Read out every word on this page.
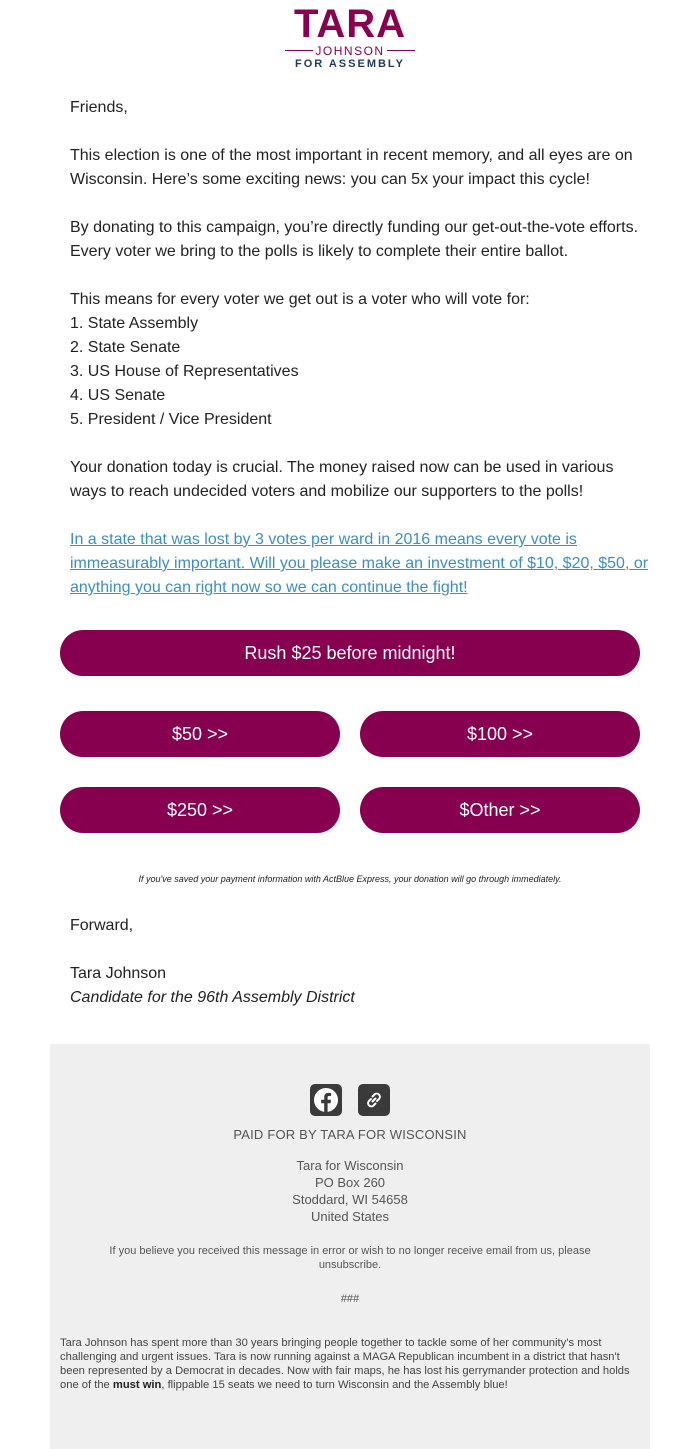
TARA
JOHNSON
FOR ASSEMBLY
Friends,
This election is one of the most important in recent memory, and all eyes are on Wisconsin. Here’s some exciting news: you can 5x your impact this cycle!
By donating to this campaign, you’re directly funding our get-out-the-vote efforts. Every voter we bring to the polls is likely to complete their entire ballot.
This means for every voter we get out is a voter who will vote for:
1. State Assembly
2. State Senate
3. US House of Representatives
4. US Senate
5. President / Vice President
Your donation today is crucial. The money raised now can be used in various ways to reach undecided voters and mobilize our supporters to the polls!
In a state that was lost by 3 votes per ward in 2016 means every vote is immeasurably important. Will you please make an investment of $10, $20, $50, or anything you can right now so we can continue the fight!
Rush $25 before midnight!
$50 >>	$100 >>
$250 >>	$Other >>
If you've saved your payment information with ActBlue Express, your donation will go through immediately.
Forward,
Tara Johnson
Candidate for the 96th Assembly District

PAID FOR BY TARA FOR WISCONSIN
Tara for Wisconsin
PO Box 260
Stoddard, WI 54658
United States
If you believe you received this message in error or wish to no longer receive email from us, please unsubscribe.
###
Tara Johnson has spent more than 30 years bringing people together to tackle some of her community’s most challenging and urgent issues. Tara is now running against a MAGA Republican incumbent in a district that hasn't been represented by a Democrat in decades. Now with fair maps, he has lost his gerrymander protection and holds one of the must win, flippable 15 seats we need to turn Wisconsin and the Assembly blue!
